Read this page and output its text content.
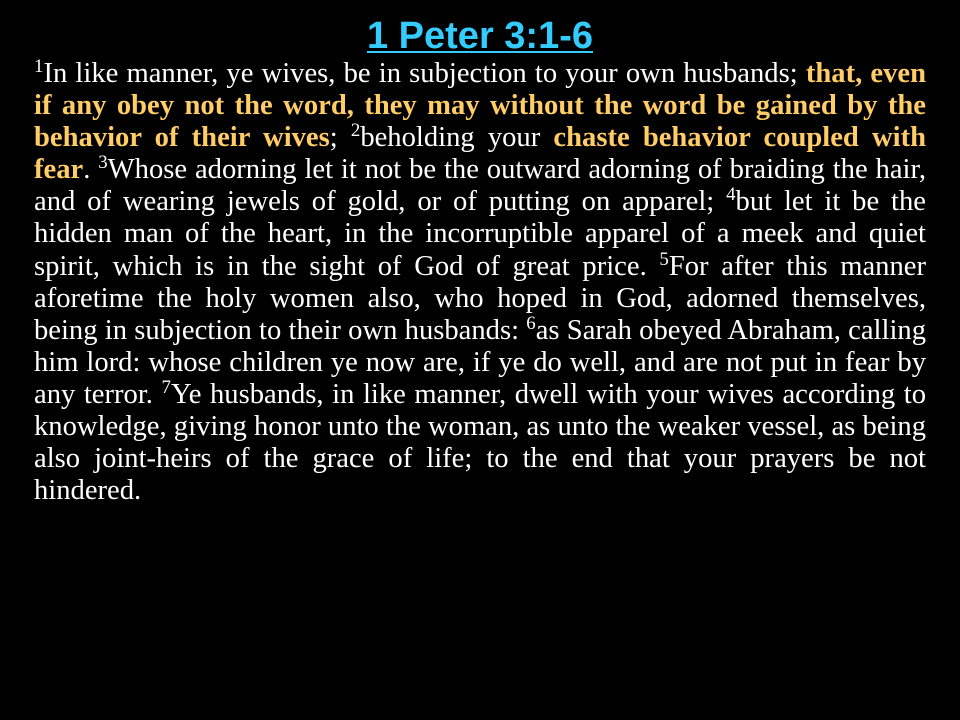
1 Peter 3:1-6

$^1$In like manner, ye wives, be in subjection to your own husbands; that, even if any obey not the word, they may without the word be gained by the behavior of their wives; $^2$beholding your chaste behavior coupled with fear. $^3$Whose adorning let it not be the outward adorning of braiding the hair, and of wearing jewels of gold, or of putting on apparel; $^4$but let it be the hidden man of the heart, in the incorruptible apparel of a meek and quiet spirit, which is in the sight of God of great price. $^5$For after this manner aforetime the holy women also, who hoped in God, adorned themselves, being in subjection to their own husbands: $^6$as Sarah obeyed Abraham, calling him lord: whose children ye now are, if ye do well, and are not put in fear by any terror. $^7$Ye husbands, in like manner, dwell with your wives according to knowledge, giving honor unto the woman, as unto the weaker vessel, as being also joint-heirs of the grace of life; to the end that your prayers be not hindered.
